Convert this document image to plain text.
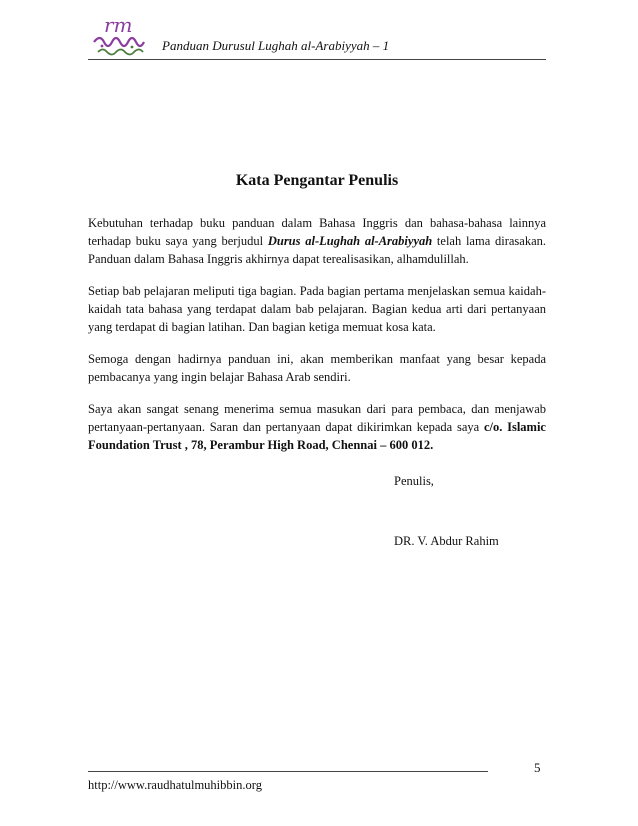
rm
Panduan Durusul Lughah al-Arabiyyah – 1
Kata Pengantar Penulis

Kebutuhan terhadap buku panduan dalam Bahasa Inggris dan bahasa-bahasa lainnya terhadap buku saya yang berjudul Durus al-Lughah al-Arabiyyah telah lama dirasakan. Panduan dalam Bahasa Inggris akhirnya dapat terealisasikan, alhamdulillah.

Setiap bab pelajaran meliputi tiga bagian. Pada bagian pertama menjelaskan semua kaidah-kaidah tata bahasa yang terdapat dalam bab pelajaran. Bagian kedua arti dari pertanyaan yang terdapat di bagian latihan. Dan bagian ketiga memuat kosa kata.

Semoga dengan hadirnya panduan ini, akan memberikan manfaat yang besar kepada pembacanya yang ingin belajar Bahasa Arab sendiri.

Saya akan sangat senang menerima semua masukan dari para pembaca, dan menjawab pertanyaan-pertanyaan. Saran dan pertanyaan dapat dikirimkan kepada saya c/o. Islamic Foundation Trust , 78, Perambur High Road, Chennai – 600 012.

Penulis,
DR. V. Abdur Rahim
5
http://www.raudhatulmuhibbin.org
